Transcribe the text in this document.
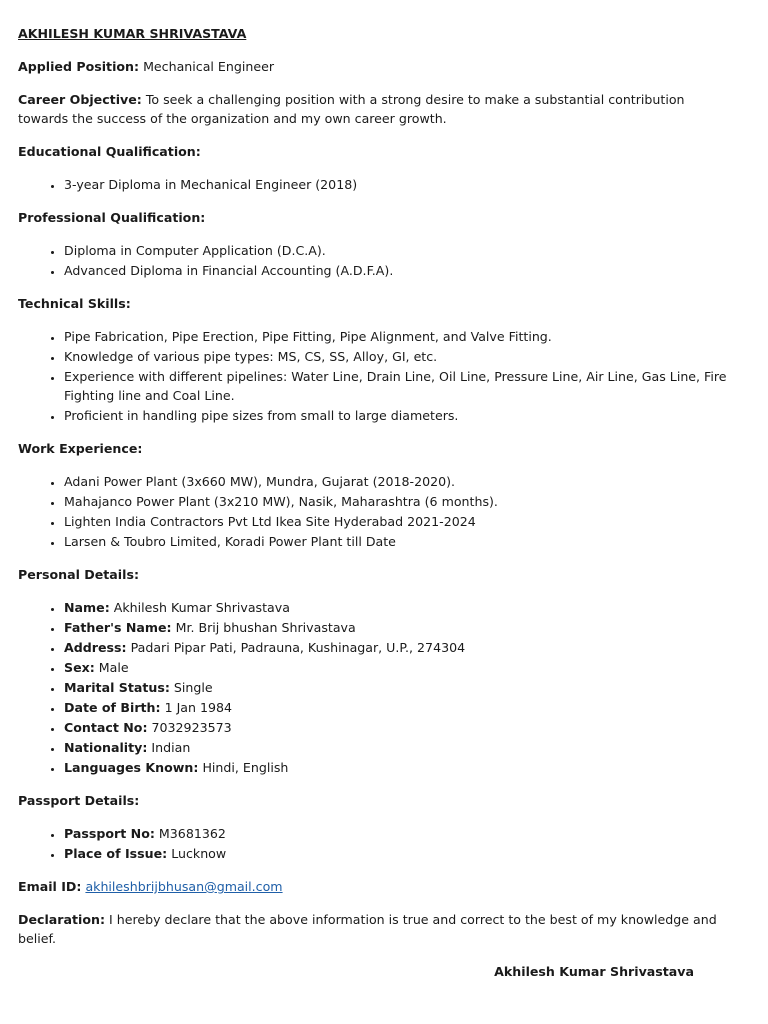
AKHILESH KUMAR SHRIVASTAVA
Applied Position: Mechanical Engineer
Career Objective: To seek a challenging position with a strong desire to make a substantial contribution towards the success of the organization and my own career growth.
Educational Qualification:
• 3-year Diploma in Mechanical Engineer (2018)
Professional Qualification:
• Diploma in Computer Application (D.C.A).
• Advanced Diploma in Financial Accounting (A.D.F.A).
Technical Skills:
• Pipe Fabrication, Pipe Erection, Pipe Fitting, Pipe Alignment, and Valve Fitting.
• Knowledge of various pipe types: MS, CS, SS, Alloy, GI, etc.
• Experience with different pipelines: Water Line, Drain Line, Oil Line, Pressure Line, Air Line, Gas Line, Fire Fighting line and Coal Line.
• Proficient in handling pipe sizes from small to large diameters.
Work Experience:
• Adani Power Plant (3x660 MW), Mundra, Gujarat (2018-2020).
• Mahajanco Power Plant (3x210 MW), Nasik, Maharashtra (6 months).
• Lighten India Contractors Pvt Ltd Ikea Site Hyderabad 2021-2024
• Larsen & Toubro Limited, Koradi Power Plant till Date
Personal Details:
• Name: Akhilesh Kumar Shrivastava
• Father's Name: Mr. Brij bhushan Shrivastava
• Address: Padari Pipar Pati, Padrauna, Kushinagar, U.P., 274304
• Sex: Male
• Marital Status: Single
• Date of Birth: 1 Jan 1984
• Contact No: 7032923573
• Nationality: Indian
• Languages Known: Hindi, English
Passport Details:
• Passport No: M3681362
• Place of Issue: Lucknow
Email ID: akhileshbrijbhusan@gmail.com
Declaration: I hereby declare that the above information is true and correct to the best of my knowledge and belief.
Akhilesh Kumar Shrivastava
